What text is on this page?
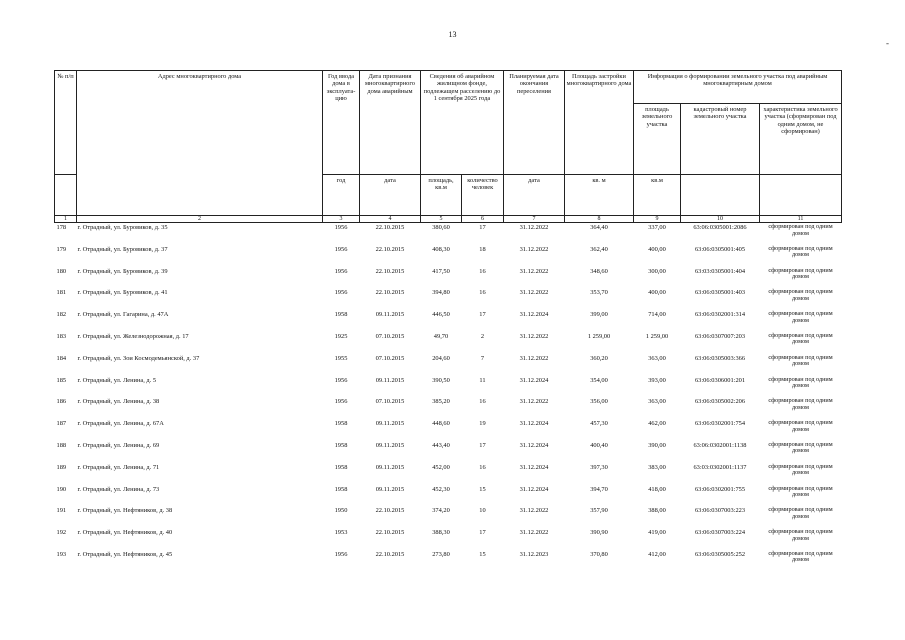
13
№ п/п	Адрес многоквартирного дома	Год ввода дома в эксплуата-цию	Дата признания многоквартирного дома аварийным	Сведения об аварийном жилищном фонде, подлежащем расселению до 1 сентября 2025 года		Планируемая дата окончания переселения	Площадь застройки многоквартирного дома	Информация о формировании земельного участка под аварийным многоквартирным домом		
								площадь земельного участка	кадастровый номер земельного участка	характеристика земельного участка (сформирован под одним домом, не сформирован)
		год	дата	площадь, кв.м	количество человек	дата	кв. м	кв.м		
1	2	3	4	5	6	7	8	9	10	11
178	г. Отрадный, ул. Буровиков, д. 35	1956	22.10.2015	380,60	17	31.12.2022	364,40	337,00	63:06:0305001:2086	сформирован под одним домом
179	г. Отрадный, ул. Буровиков, д. 37	1956	22.10.2015	408,30	18	31.12.2022	362,40	400,00	63:06:0305001:405	сформирован под одним домом
180	г. Отрадный, ул. Буровиков, д. 39	1956	22.10.2015	417,50	16	31.12.2022	348,60	300,00	63:03:0305001:404	сформирован под одним домом
181	г. Отрадный, ул. Буровиков, д. 41	1956	22.10.2015	394,80	16	31.12.2022	353,70	400,00	63:06:0305001:403	сформирован под одним домом
182	г. Отрадный, ул. Гагарина, д. 47А	1958	09.11.2015	446,50	17	31.12.2024	399,00	714,00	63:06:0302001:314	сформирован под одним домом
183	г. Отрадный, ул. Железнодорожная, д. 17	1925	07.10.2015	49,70	2	31.12.2022	1 259,00	1 259,00	63:06:0307007:203	сформирован под одним домом
184	г. Отрадный, ул. Зои Космодемьянской, д. 37	1955	07.10.2015	204,60	7	31.12.2022	360,20	363,00	63:06:0305003:366	сформирован под одним домом
185	г. Отрадный, ул. Ленина, д. 5	1956	09.11.2015	390,50	11	31.12.2024	354,00	393,00	63:06:0306001:201	сформирован под одним домом
186	г. Отрадный, ул. Ленина, д. 38	1956	07.10.2015	385,20	16	31.12.2022	356,00	363,00	63:06:0305002:206	сформирован под одним домом
187	г. Отрадный, ул. Ленина, д. 67А	1958	09.11.2015	448,60	19	31.12.2024	457,30	462,00	63:06:0302001:754	сформирован под одним домом
188	г. Отрадный, ул. Ленина, д. 69	1958	09.11.2015	443,40	17	31.12.2024	400,40	390,00	63:06:0302001:1138	сформирован под одним домом
189	г. Отрадный, ул. Ленина, д. 71	1958	09.11.2015	452,00	16	31.12.2024	397,30	383,00	63:03:0302001:1137	сформирован под одним домом
190	г. Отрадный, ул. Ленина, д. 73	1958	09.11.2015	452,30	15	31.12.2024	394,70	418,00	63:06:0302001:755	сформирован под одним домом
191	г. Отрадный, ул. Нефтяников, д. 38	1950	22.10.2015	374,20	10	31.12.2022	357,90	388,00	63:06:0307003:223	сформирован под одним домом
192	г. Отрадный, ул. Нефтяников, д. 40	1953	22.10.2015	388,30	17	31.12.2022	390,90	419,00	63:06:0307003:224	сформирован под одним домом
193	г. Отрадный, ул. Нефтяников, д. 45	1956	22.10.2015	273,80	15	31.12.2023	370,80	412,00	63:06:0305005:252	сформирован под одним домом
-
